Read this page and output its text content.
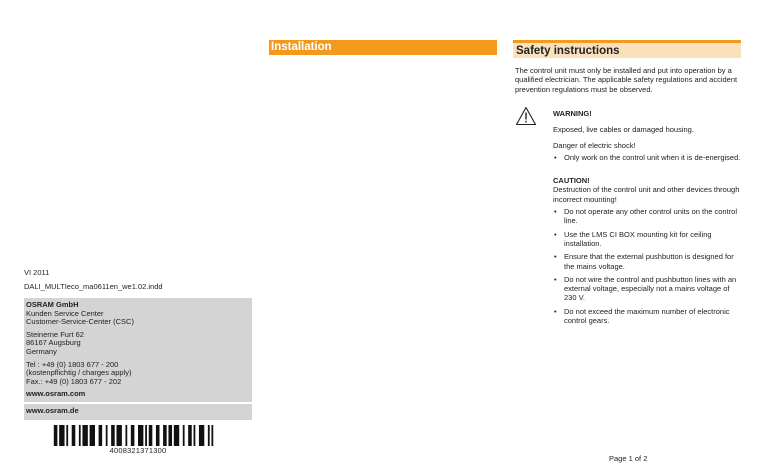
VI 2011
DALI_MULTIeco_ma0611en_we1.02.indd
OSRAM GmbH
Kunden Service Center
Customer-Service-Center (CSC)
Steinerne Furt 62
86167 Augsburg
Germany
Tel : +49 (0) 1803 677 - 200
(kostenpflichtig / charges apply)
Fax.: +49 (0) 1803 677 - 202
www.osram.com
www.osram.de
4008321371300
Installation	Safety instructions
The control unit must only be installed and put into operation by a qualified electrician. The applicable safety regulations and accident prevention regulations must be observed.
WARNING!
Exposed, live cables or damaged housing.
Danger of electric shock!
• Only work on the control unit when it is de-energised.
CAUTION!
Destruction of the control unit and other devices through incorrect mounting!
• Do not operate any other control units on the control line.
• Use the LMS CI BOX mounting kit for ceiling installation.
• Ensure that the external pushbutton is designed for the mains voltage.
• Do not wire the control and pushbutton lines with an external voltage, especially not a mains voltage of 230 V.
• Do not exceed the maximum number of electronic control gears.
Page 1 of 2
